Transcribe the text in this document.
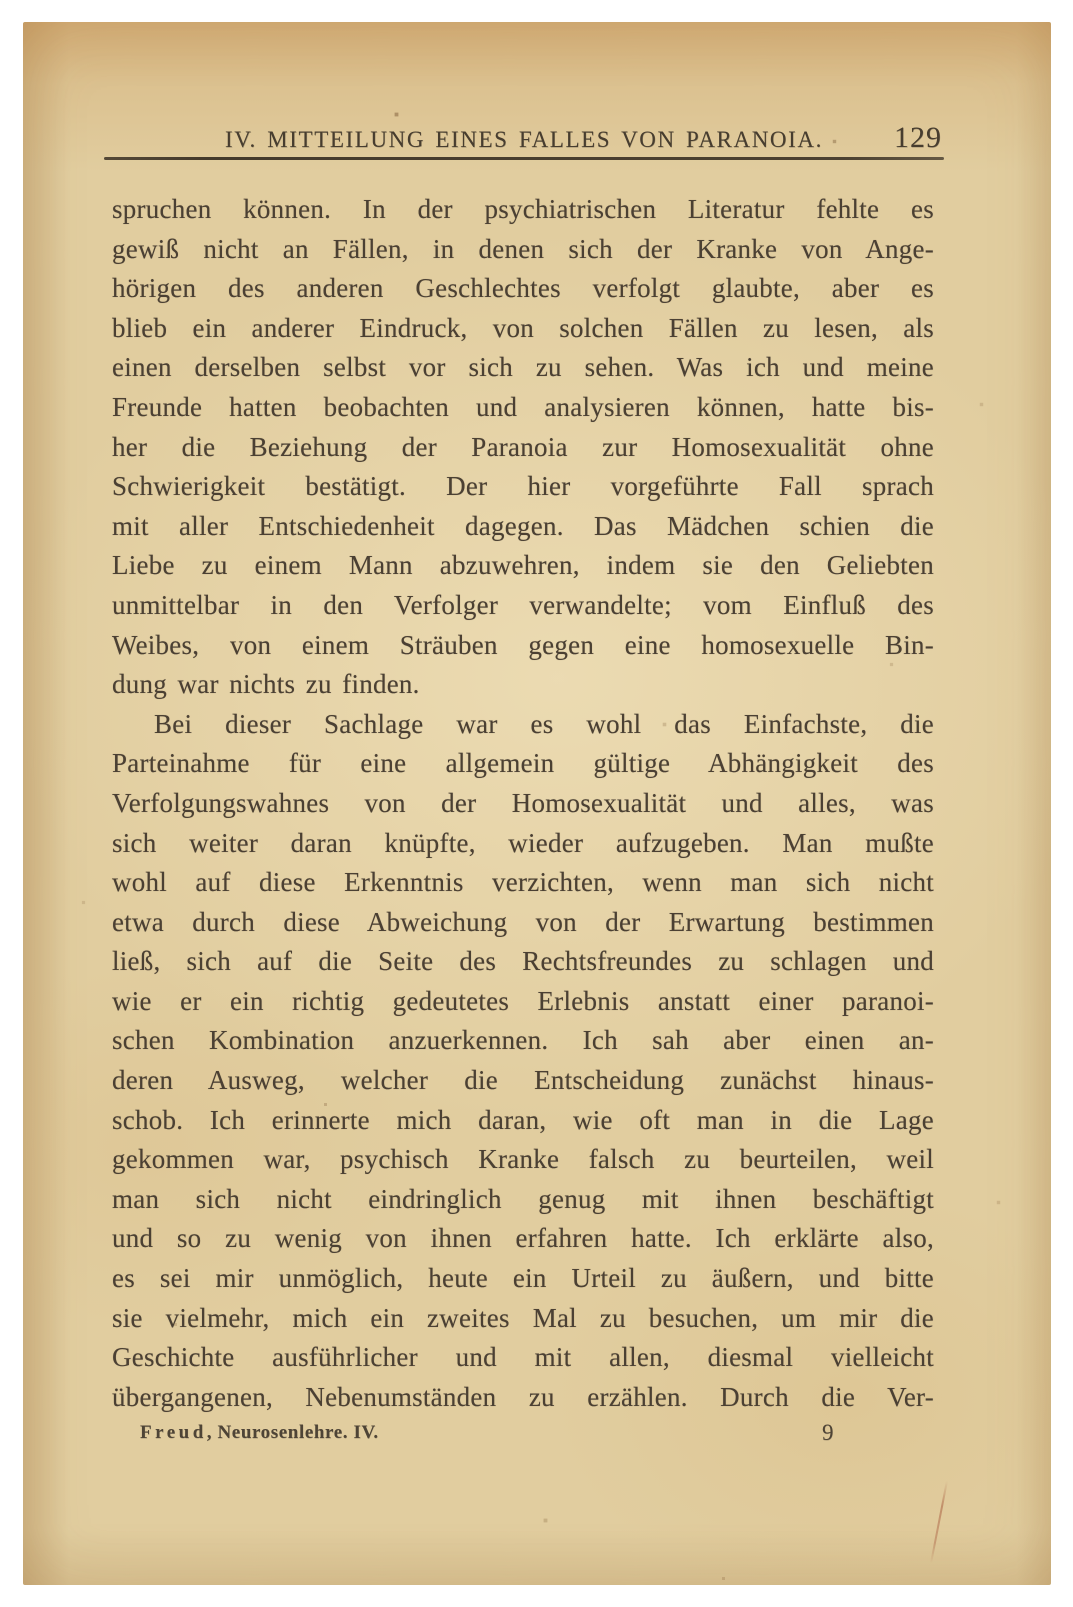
IV. MITTEILUNG EINES FALLES VON PARANOIA.	129
spruchen können. In der psychiatrischen Literatur fehlte es
gewiß nicht an Fällen, in denen sich der Kranke von Ange-
hörigen des anderen Geschlechtes verfolgt glaubte, aber es
blieb ein anderer Eindruck, von solchen Fällen zu lesen, als
einen derselben selbst vor sich zu sehen. Was ich und meine
Freunde hatten beobachten und analysieren können, hatte bis-
her die Beziehung der Paranoia zur Homosexualität ohne
Schwierigkeit bestätigt. Der hier vorgeführte Fall sprach
mit aller Entschiedenheit dagegen. Das Mädchen schien die
Liebe zu einem Mann abzuwehren, indem sie den Geliebten
unmittelbar in den Verfolger verwandelte; vom Einfluß des
Weibes, von einem Sträuben gegen eine homosexuelle Bin-
dung war nichts zu finden.
Bei dieser Sachlage war es wohl das Einfachste, die
Parteinahme für eine allgemein gültige Abhängigkeit des
Verfolgungswahnes von der Homosexualität und alles, was
sich weiter daran knüpfte, wieder aufzugeben. Man mußte
wohl auf diese Erkenntnis verzichten, wenn man sich nicht
etwa durch diese Abweichung von der Erwartung bestimmen
ließ, sich auf die Seite des Rechtsfreundes zu schlagen und
wie er ein richtig gedeutetes Erlebnis anstatt einer paranoi-
schen Kombination anzuerkennen. Ich sah aber einen an-
deren Ausweg, welcher die Entscheidung zunächst hinaus-
schob. Ich erinnerte mich daran, wie oft man in die Lage
gekommen war, psychisch Kranke falsch zu beurteilen, weil
man sich nicht eindringlich genug mit ihnen beschäftigt
und so zu wenig von ihnen erfahren hatte. Ich erklärte also,
es sei mir unmöglich, heute ein Urteil zu äußern, und bitte
sie vielmehr, mich ein zweites Mal zu besuchen, um mir die
Geschichte ausführlicher und mit allen, diesmal vielleicht
übergangenen, Nebenumständen zu erzählen. Durch die Ver-
Freud, Neurosenlehre. IV.	9
